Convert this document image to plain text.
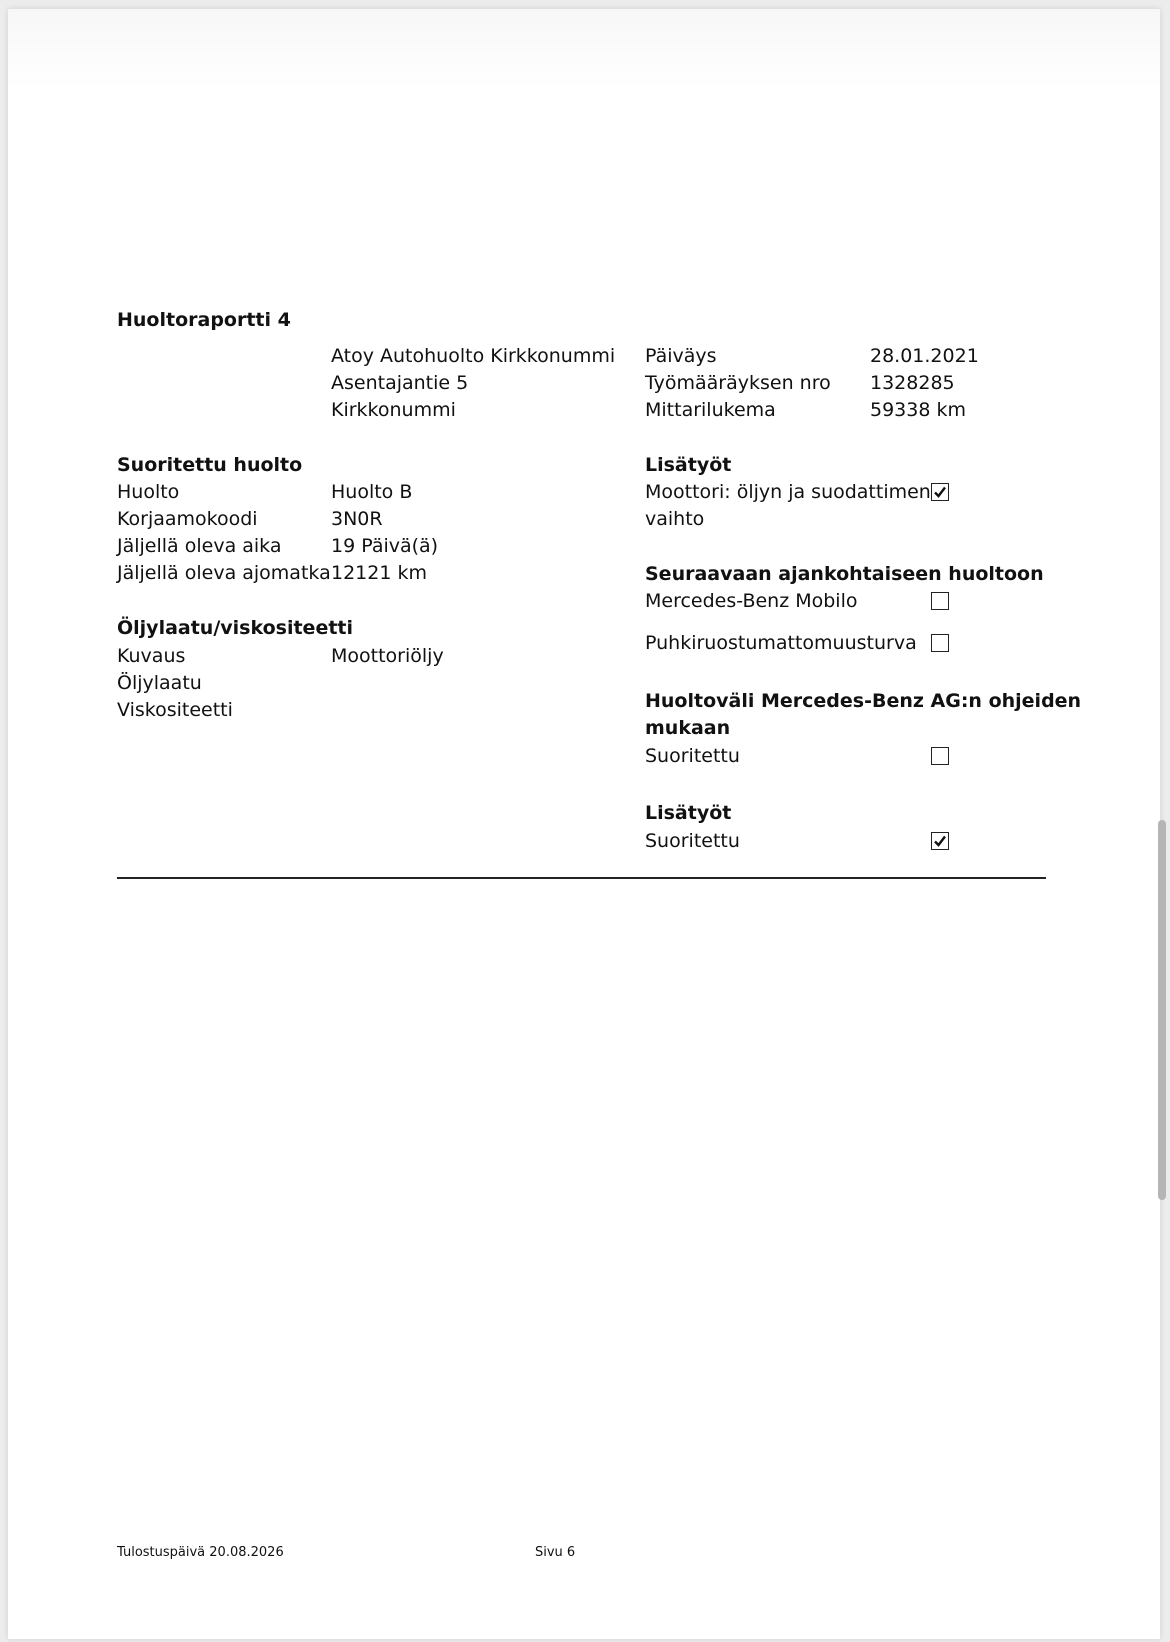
Huoltoraportti 4
Atoy Autohuolto Kirkkonummi
Asentajantie 5
Kirkkonummi
Päiväys	28.01.2021
Työmääräyksen nro 1328285
Mittarilukema	59338 km
Suoritettu huolto
Huolto	Huolto B
Korjaamokoodi	3N0R
Jäljellä oleva aika	19 Päivä(ä)
Jäljellä oleva ajomatka 12121 km
Öljylaatu/viskositeetti
Kuvaus	Moottoriöljy
Öljylaatu
Viskositeetti
Lisätyöt
Moottori: öljyn ja suodattimen
vaihto
Seuraavaan ajankohtaiseen huoltoon
Mercedes-Benz Mobilo
Puhkiruostumattomuusturva
Huoltoväli Mercedes-Benz AG:n ohjeiden
mukaan
Suoritettu
Lisätyöt
Suoritettu
Tulostuspäivä 20.08.2026	Sivu 6
